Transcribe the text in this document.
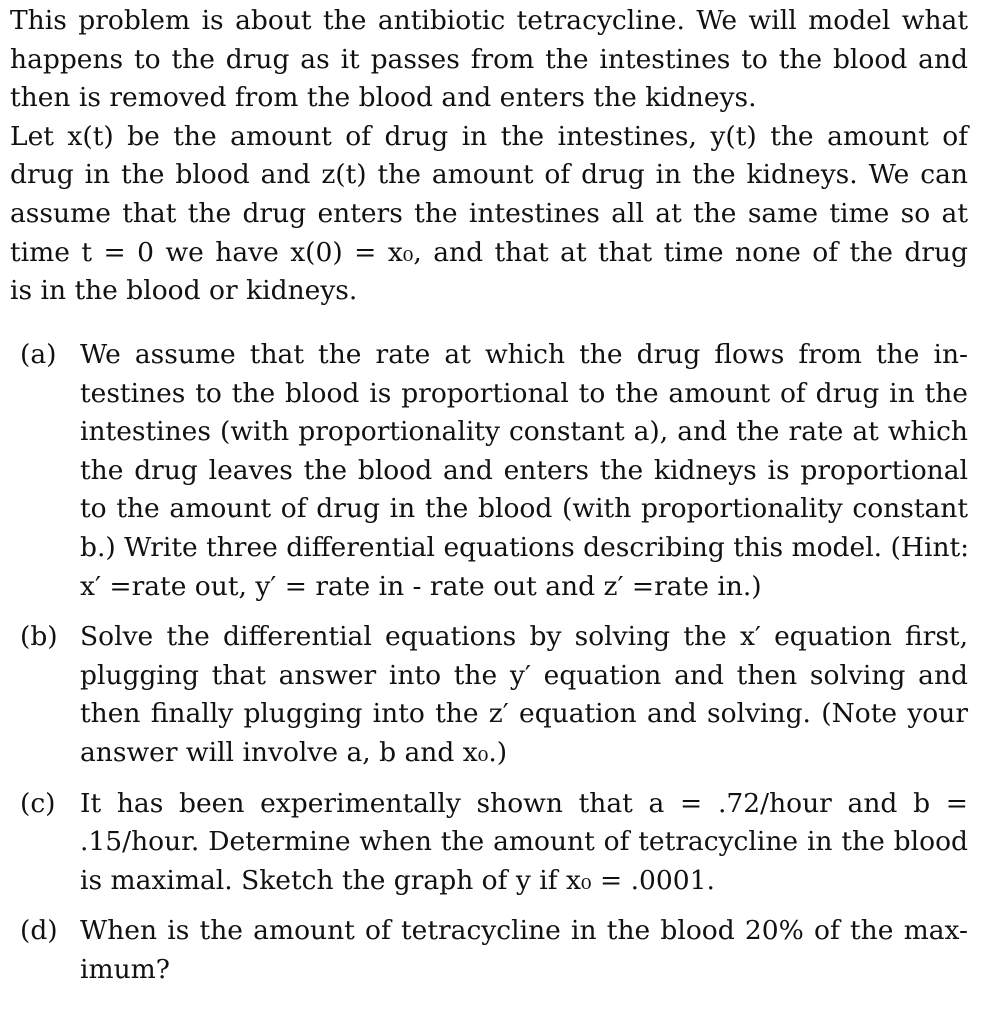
This problem is about the antibiotic tetracycline. We will model what
happens to the drug as it passes from the intestines to the blood and
then is removed from the blood and enters the kidneys.
Let x(t) be the amount of drug in the intestines, y(t) the amount of
drug in the blood and z(t) the amount of drug in the kidneys. We can
assume that the drug enters the intestines all at the same time so at
time t = 0 we have x(0) = x₀, and that at that time none of the drug
is in the blood or kidneys.
(a) We assume that the rate at which the drug flows from the in-
testines to the blood is proportional to the amount of drug in the
intestines (with proportionality constant a), and the rate at which
the drug leaves the blood and enters the kidneys is proportional
to the amount of drug in the blood (with proportionality constant
b.) Write three differential equations describing this model. (Hint:
x′ =rate out, y′ = rate in - rate out and z′ =rate in.)
(b) Solve the differential equations by solving the x′ equation first,
plugging that answer into the y′ equation and then solving and
then finally plugging into the z′ equation and solving. (Note your
answer will involve a, b and x₀.)
(c) It has been experimentally shown that a = .72/hour and b =
.15/hour. Determine when the amount of tetracycline in the blood
is maximal. Sketch the graph of y if x₀ = .0001.
(d) When is the amount of tetracycline in the blood 20% of the max-
imum?
